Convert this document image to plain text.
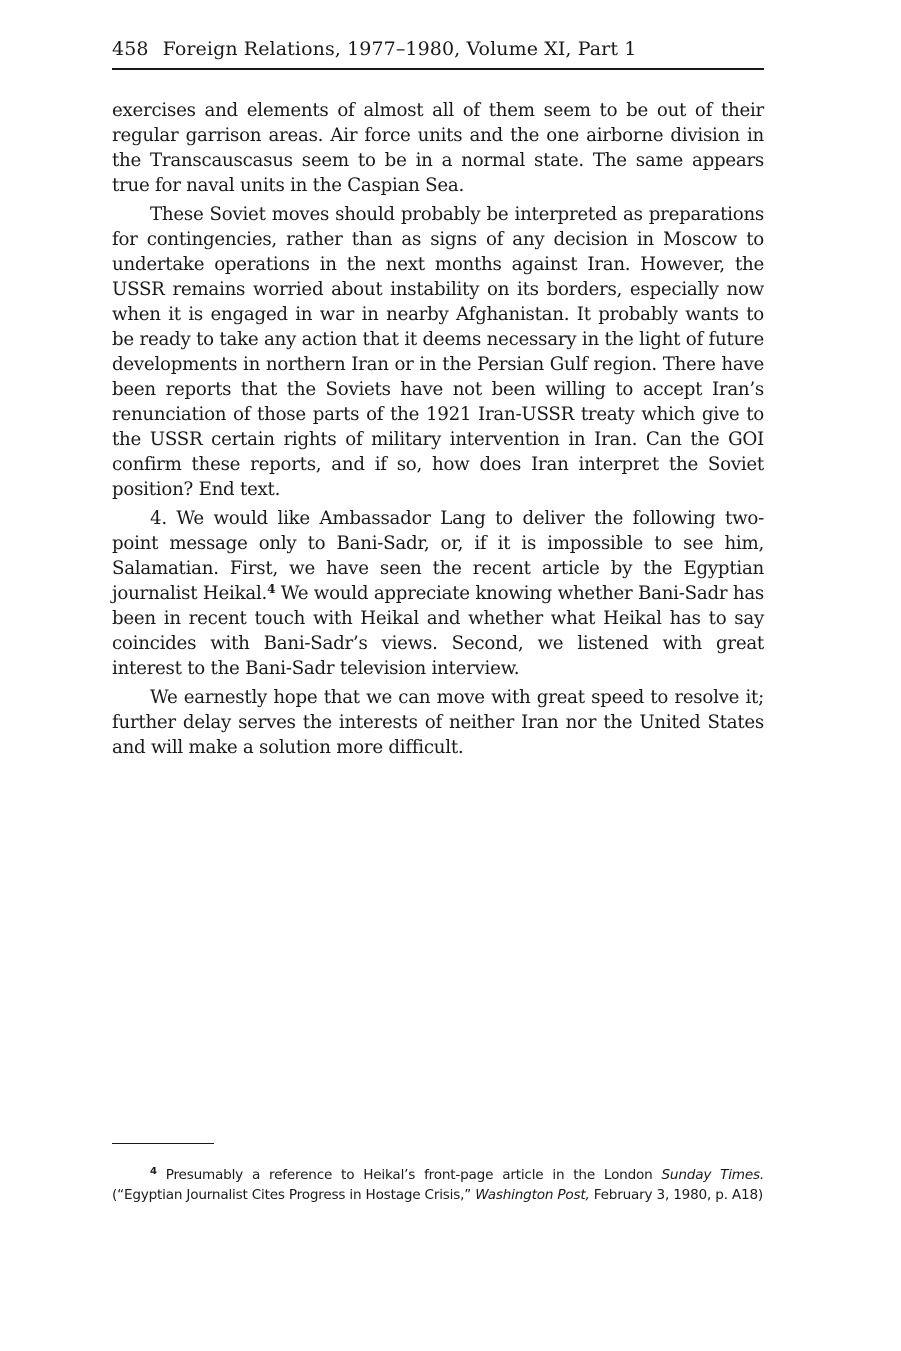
458 Foreign Relations, 1977–1980, Volume XI, Part 1

exercises and elements of almost all of them seem to be out of their regular garrison areas. Air force units and the one airborne division in the Transcauscasus seem to be in a normal state. The same appears true for naval units in the Caspian Sea.

These Soviet moves should probably be interpreted as preparations for contingencies, rather than as signs of any decision in Moscow to undertake operations in the next months against Iran. However, the USSR remains worried about instability on its borders, especially now when it is engaged in war in nearby Afghanistan. It probably wants to be ready to take any action that it deems necessary in the light of future developments in northern Iran or in the Persian Gulf region. There have been reports that the Soviets have not been willing to accept Iran’s renunciation of those parts of the 1921 Iran-USSR treaty which give to the USSR certain rights of military intervention in Iran. Can the GOI confirm these reports, and if so, how does Iran interpret the Soviet position? End text.

4. We would like Ambassador Lang to deliver the following two-point message only to Bani-Sadr, or, if it is impossible to see him, Salamatian. First, we have seen the recent article by the Egyptian journalist Heikal.$^4$ We would appreciate knowing whether Bani-Sadr has been in recent touch with Heikal and whether what Heikal has to say coincides with Bani-Sadr’s views. Second, we listened with great interest to the Bani-Sadr television interview.

We earnestly hope that we can move with great speed to resolve it; further delay serves the interests of neither Iran nor the United States and will make a solution more difficult.

$^4$ Presumably a reference to Heikal’s front-page article in the London Sunday Times. (“Egyptian Journalist Cites Progress in Hostage Crisis,” Washington Post, February 3, 1980, p. A18)
